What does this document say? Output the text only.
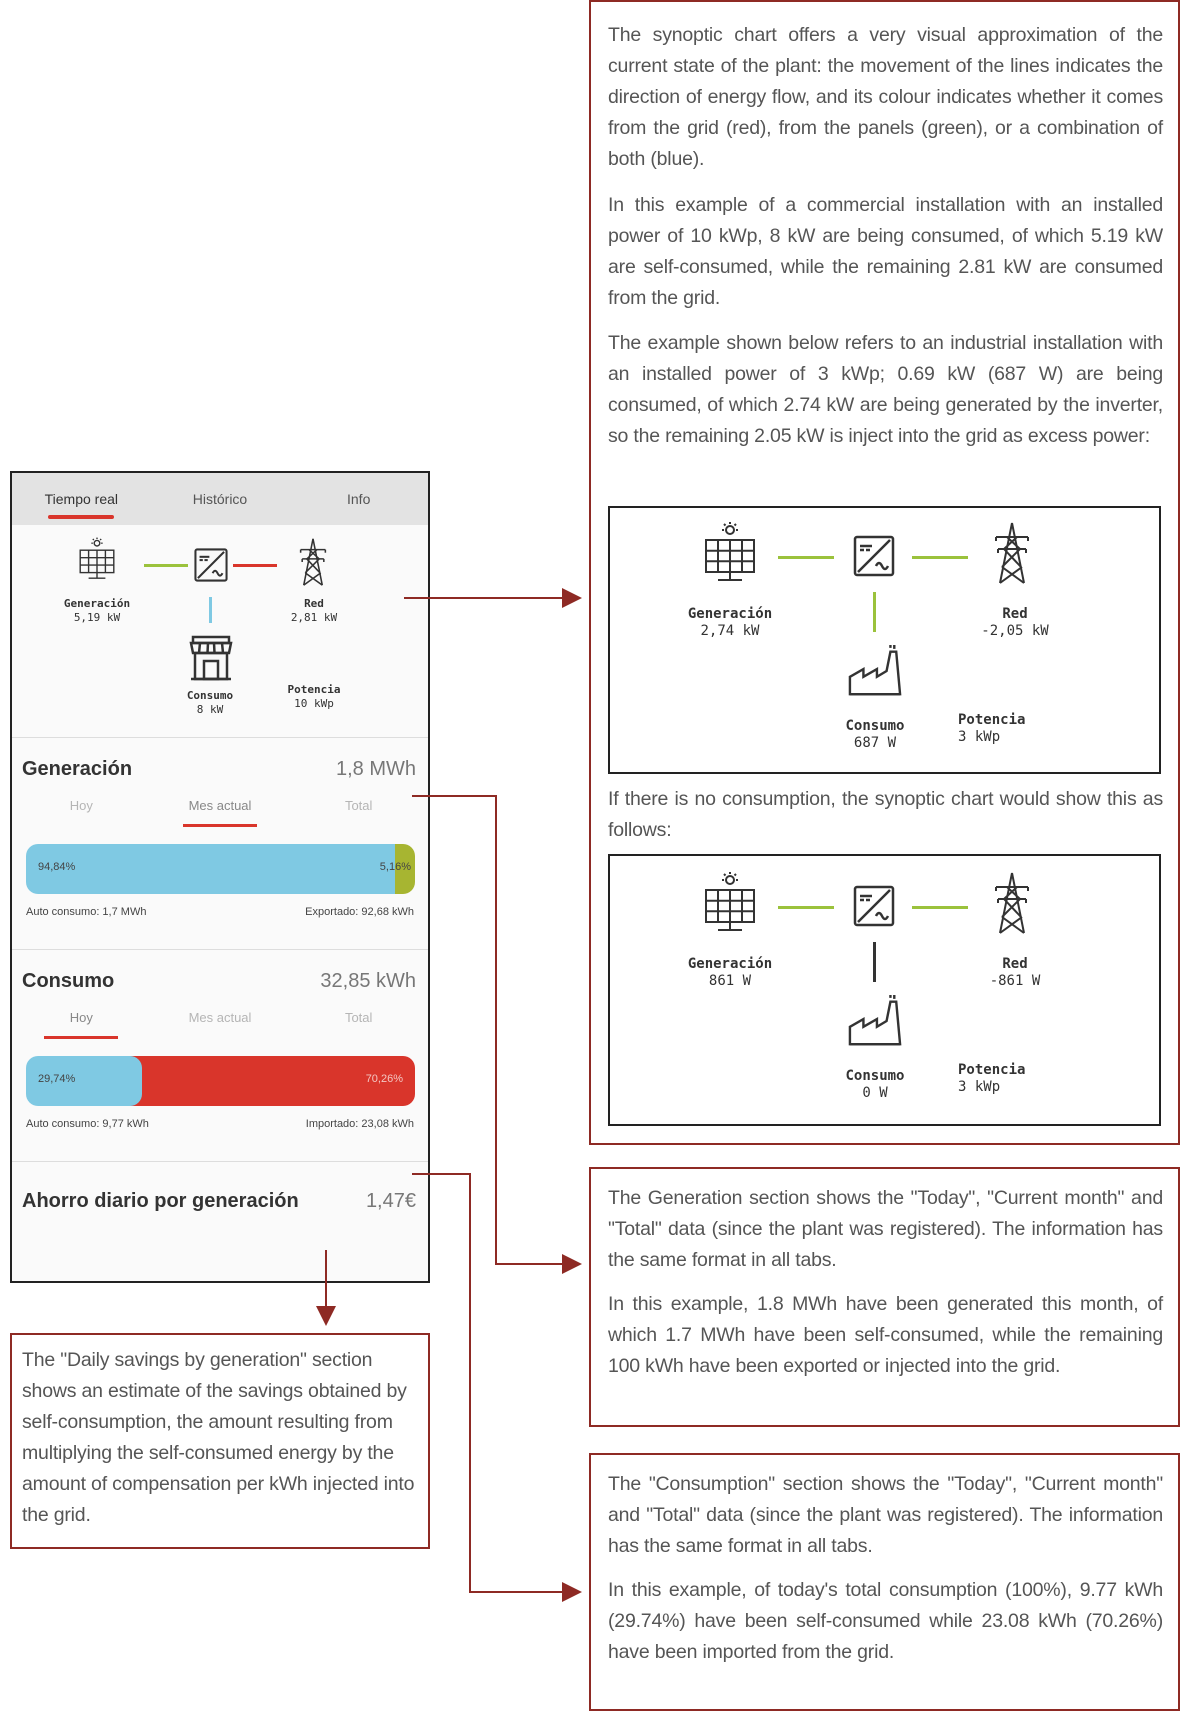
Tiempo real	Histórico	Info
Generación
5,19 kW
Red
2,81 kW
Consumo
8 kW
Potencia
10 kWp
Generación	1,8 MWh
Hoy	Mes actual	Total
94,84%	5,16%
Auto consumo: 1,7 MWh	Exportado: 92,68 kWh
Consumo	32,85 kWh
Hoy	Mes actual	Total
29,74%	70,26%
Auto consumo: 9,77 kWh	Importado: 23,08 kWh
Ahorro diario por generación	1,47€
The synoptic chart offers a very visual approximation of the current state of the plant: the movement of the lines indicates the direction of energy flow, and its colour indicates whether it comes from the grid (red), from the panels (green), or a combination of both (blue).
In this example of a commercial installation with an installed power of 10 kWp, 8 kW are being consumed, of which 5.19 kW are self-consumed, while the remaining 2.81 kW are consumed from the grid.
The example shown below refers to an industrial installation with an installed power of 3 kWp; 0.69 kW (687 W) are being consumed, of which 2.74 kW are being generated by the inverter, so the remaining 2.05 kW is inject into the grid as excess power:
Generación
2,74 kW
Red
-2,05 kW
Consumo
687 W
Potencia
3 kWp
If there is no consumption, the synoptic chart would show this as follows:
Generación
861 W
Red
-861 W
Consumo
0 W
Potencia
3 kWp
The Generation section shows the "Today", "Current month" and "Total" data (since the plant was registered). The information has the same format in all tabs.
In this example, 1.8 MWh have been generated this month, of which 1.7 MWh have been self-consumed, while the remaining 100 kWh have been exported or injected into the grid.
The "Consumption" section shows the "Today", "Current month" and "Total" data (since the plant was registered). The information has the same format in all tabs.
In this example, of today's total consumption (100%), 9.77 kWh (29.74%) have been self-consumed while 23.08 kWh (70.26%) have been imported from the grid.
The "Daily savings by generation" section shows an estimate of the savings obtained by self-consumption, the amount resulting from multiplying the self-consumed energy by the amount of compensation per kWh injected into the grid.
